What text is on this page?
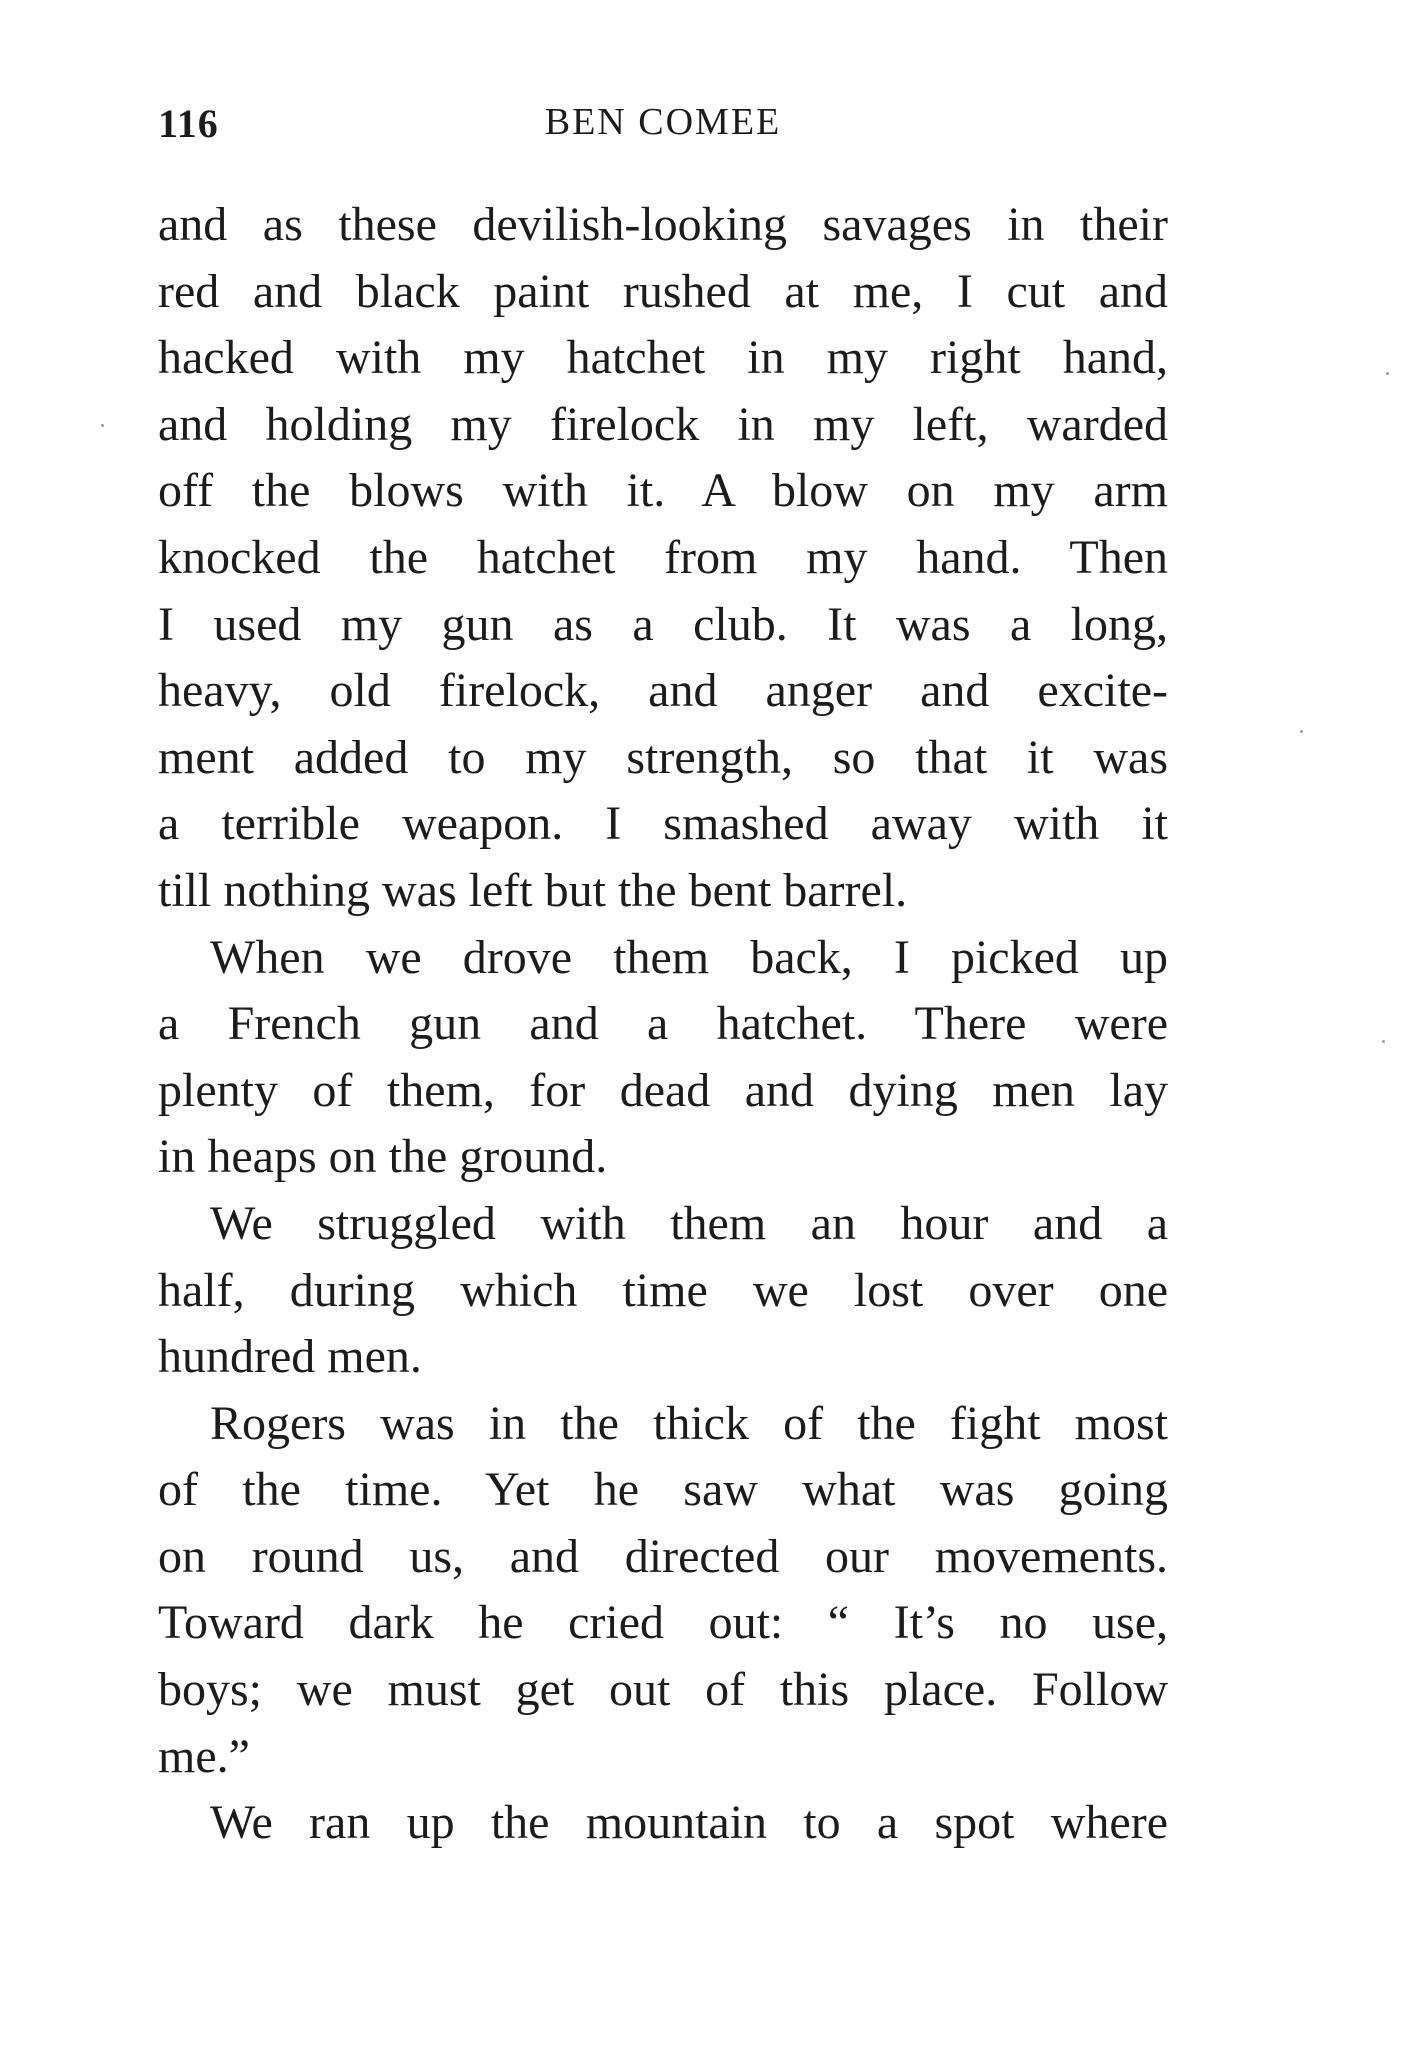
116	BEN COMEE
and as these devilish-looking savages in their
red and black paint rushed at me, I cut and
hacked with my hatchet in my right hand,
and holding my firelock in my left, warded
off the blows with it. A blow on my arm
knocked the hatchet from my hand. Then
I used my gun as a club. It was a long,
heavy, old firelock, and anger and excite-
ment added to my strength, so that it was
a terrible weapon. I smashed away with it
till nothing was left but the bent barrel.
When we drove them back, I picked up
a French gun and a hatchet. There were
plenty of them, for dead and dying men lay
in heaps on the ground.
We struggled with them an hour and a
half, during which time we lost over one
hundred men.
Rogers was in the thick of the fight most
of the time. Yet he saw what was going
on round us, and directed our movements.
Toward dark he cried out: “ It’s no use,
boys; we must get out of this place. Follow
me.”
We ran up the mountain to a spot where
